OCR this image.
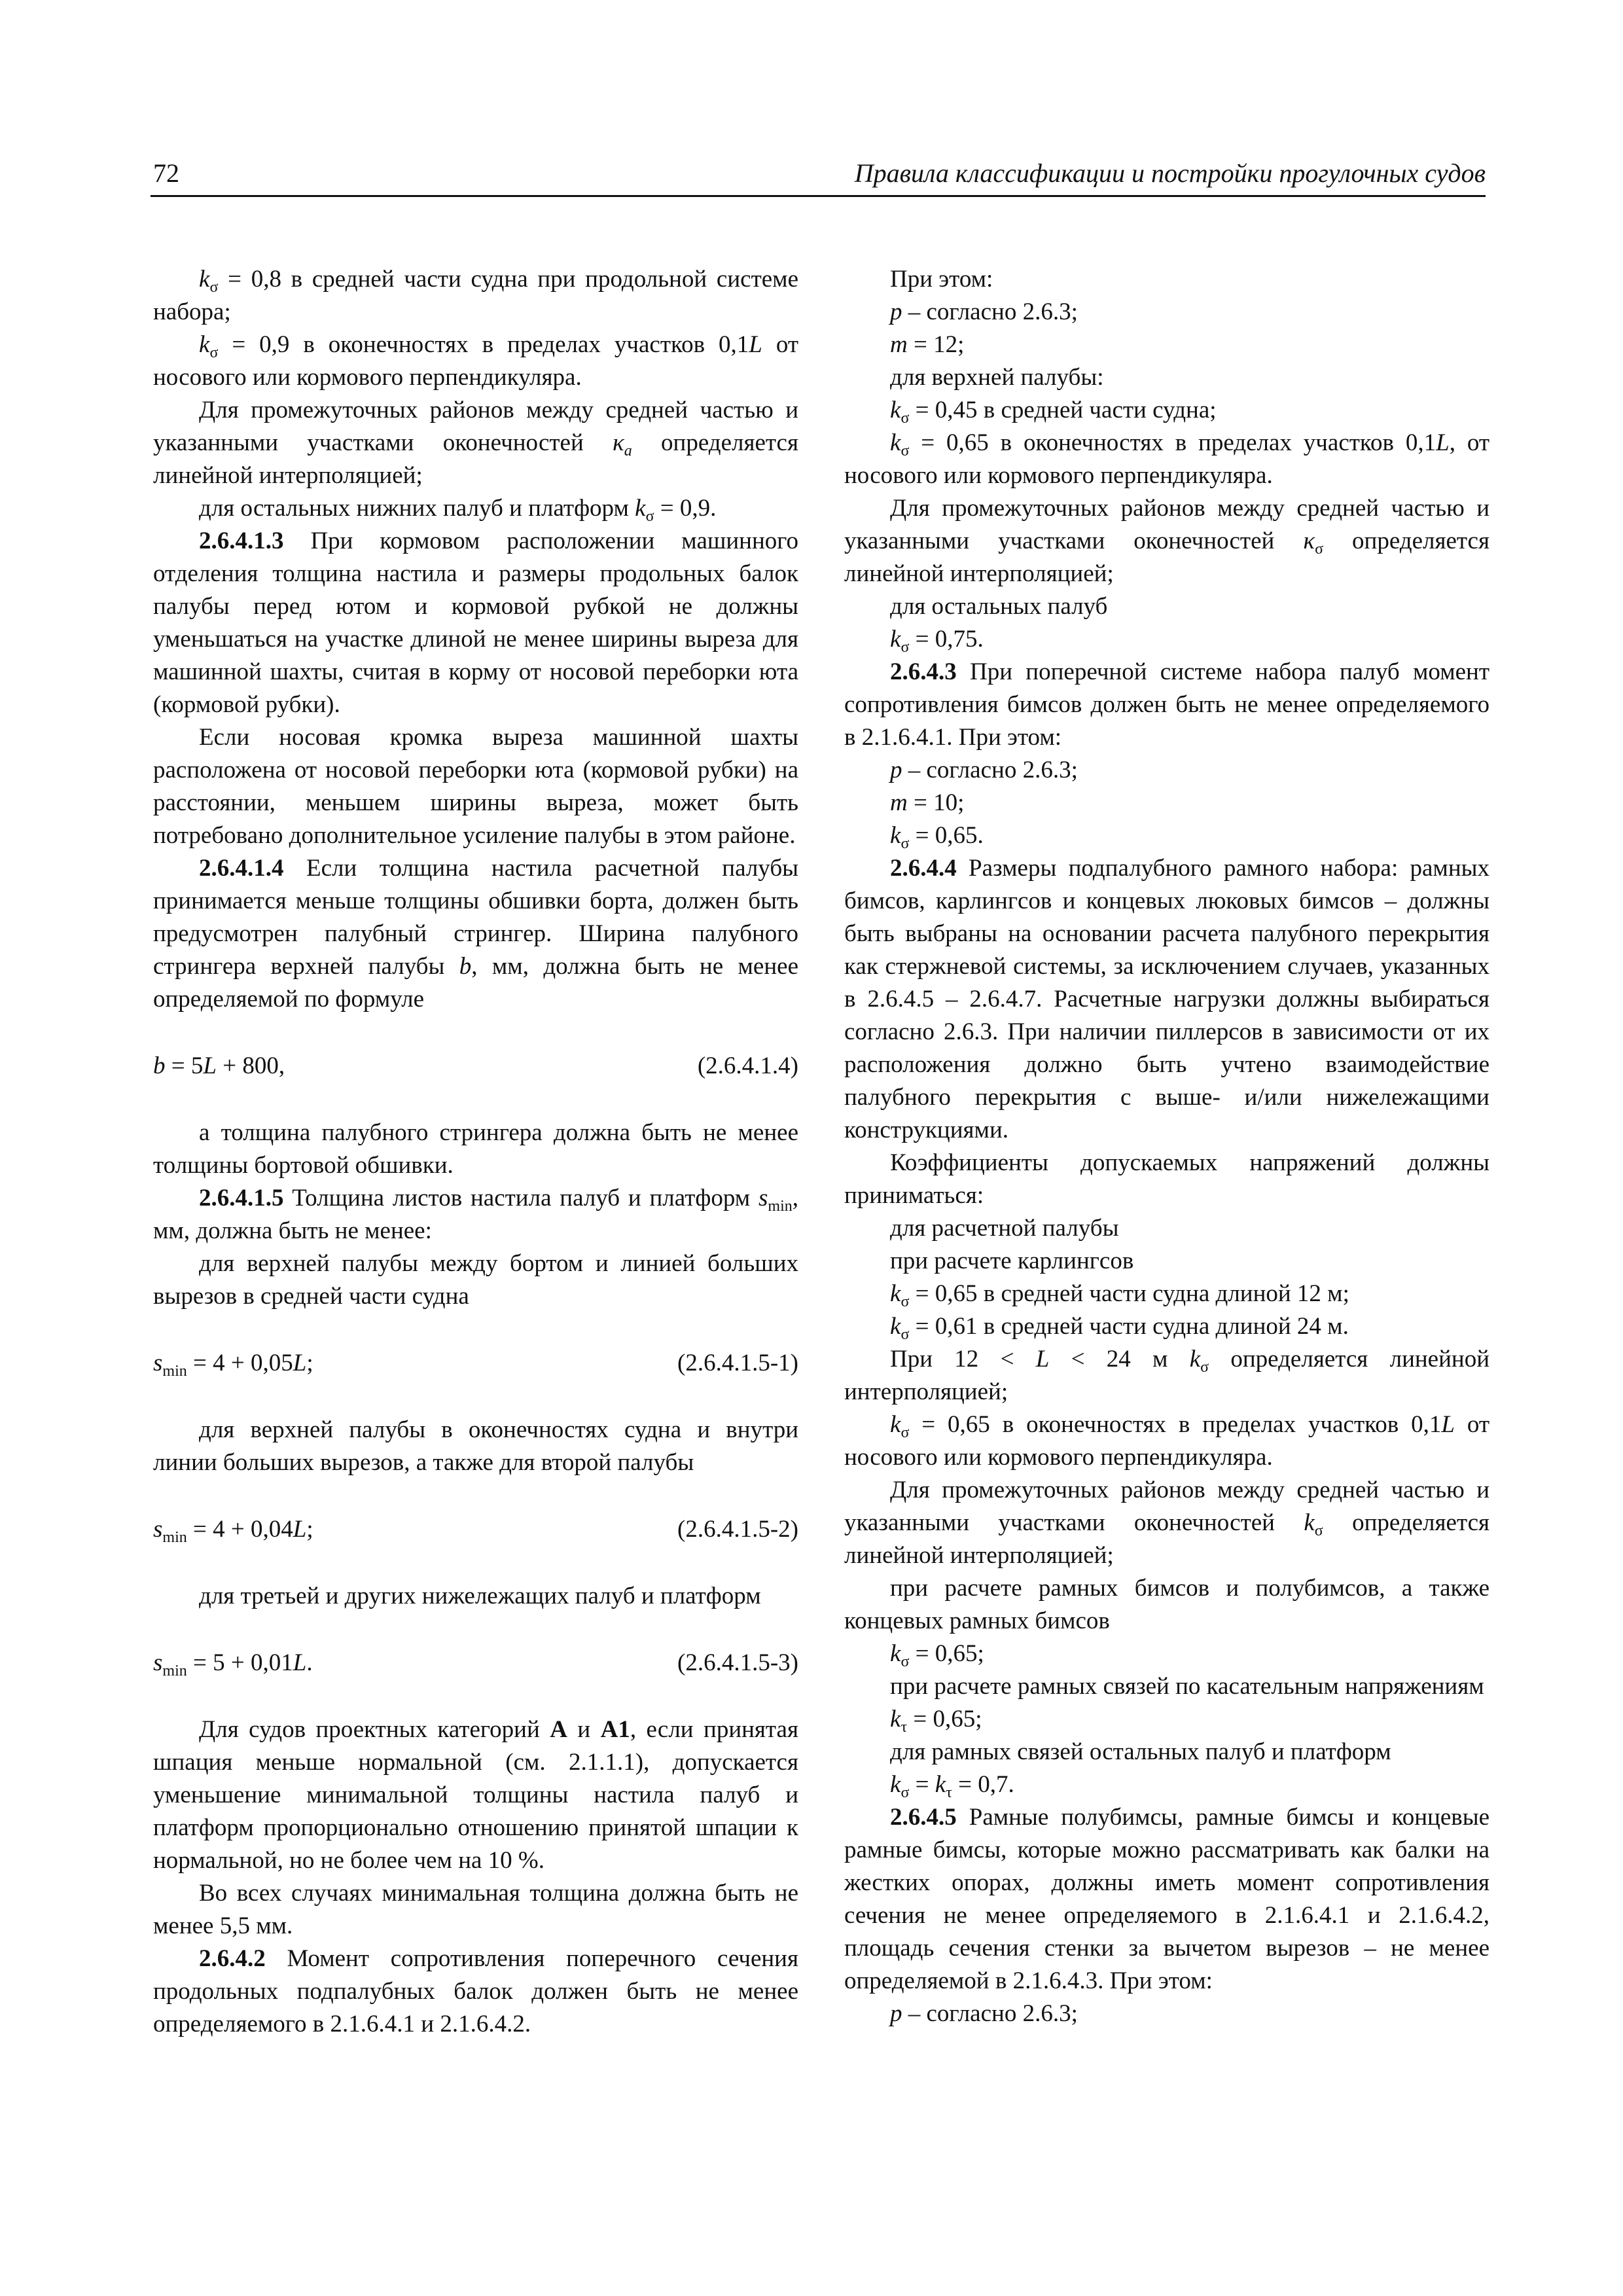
72	Правила классификации и постройки прогулочных судов

$k_\sigma = 0,8$ в средней части судна при продольной системе набора;

$k_\sigma = 0,9$ в оконечностях в пределах участков 0,1L от носового или кормового перпендикуляра.

Для промежуточных районов между средней частью и указанными участками оконечностей $\kappa_a$ определяется линейной интерполяцией;

для остальных нижних палуб и платформ $k_\sigma = 0,9$.

2.6.4.1.3 При кормовом расположении машинного отделения толщина настила и размеры продольных балок палубы перед ютом и кормовой рубкой не должны уменьшаться на участке длиной не менее ширины выреза для машинной шахты, считая в корму от носовой переборки юта (кормовой рубки).

Если носовая кромка выреза машинной шахты расположена от носовой переборки юта (кормовой рубки) на расстоянии, меньшем ширины выреза, может быть потребовано дополнительное усиление палубы в этом районе.

2.6.4.1.4 Если толщина настила расчетной палубы принимается меньше толщины обшивки борта, должен быть предусмотрен палубный стрингер. Ширина палубного стрингера верхней палубы b, мм, должна быть не менее определяемой по формуле

b = 5L + 800,	(2.6.4.1.4)

а толщина палубного стрингера должна быть не менее толщины бортовой обшивки.

2.6.4.1.5 Толщина листов настила палуб и платформ $s_{min}$, мм, должна быть не менее:

для верхней палубы между бортом и линией больших вырезов в средней части судна

$s_{min} = 4 + 0,05L$;	(2.6.4.1.5-1)

для верхней палубы в оконечностях судна и внутри линии больших вырезов, а также для второй палубы

$s_{min} = 4 + 0,04L$;	(2.6.4.1.5-2)

для третьей и других нижележащих палуб и платформ

$s_{min} = 5 + 0,01L$.	(2.6.4.1.5-3)

Для судов проектных категорий A и A1, если принятая шпация меньше нормальной (см. 2.1.1.1), допускается уменьшение минимальной толщины настила палуб и платформ пропорционально отношению принятой шпации к нормальной, но не более чем на 10 %.

Во всех случаях минимальная толщина должна быть не менее 5,5 мм.

2.6.4.2 Момент сопротивления поперечного сечения продольных подпалубных балок должен быть не менее определяемого в 2.1.6.4.1 и 2.1.6.4.2.

При этом:

p – согласно 2.6.3;

m = 12;

для верхней палубы:

$k_\sigma = 0,45$ в средней части судна;

$k_\sigma = 0,65$ в оконечностях в пределах участков 0,1L, от носового или кормового перпендикуляра.

Для промежуточных районов между средней частью и указанными участками оконечностей $\kappa_\sigma$ определяется линейной интерполяцией;

для остальных палуб

$k_\sigma = 0,75$.

2.6.4.3 При поперечной системе набора палуб момент сопротивления бимсов должен быть не менее определяемого в 2.1.6.4.1. При этом:

p – согласно 2.6.3;

m = 10;

$k_\sigma = 0,65$.

2.6.4.4 Размеры подпалубного рамного набора: рамных бимсов, карлингсов и концевых люковых бимсов – должны быть выбраны на основании расчета палубного перекрытия как стержневой системы, за исключением случаев, указанных в 2.6.4.5 – 2.6.4.7. Расчетные нагрузки должны выбираться согласно 2.6.3. При наличии пиллерсов в зависимости от их расположения должно быть учтено взаимодействие палубного перекрытия с выше- и/или нижележащими конструкциями.

Коэффициенты допускаемых напряжений должны приниматься:

для расчетной палубы

при расчете карлингсов

$k_\sigma = 0,65$ в средней части судна длиной 12 м;

$k_\sigma = 0,61$ в средней части судна длиной 24 м.

При 12 < L < 24 м $k_\sigma$ определяется линейной интерполяцией;

$k_\sigma = 0,65$ в оконечностях в пределах участков 0,1L от носового или кормового перпендикуляра.

Для промежуточных районов между средней частью и указанными участками оконечностей $k_\sigma$ определяется линейной интерполяцией;

при расчете рамных бимсов и полубимсов, а также концевых рамных бимсов

$k_\sigma = 0,65$;

при расчете рамных связей по касательным напряжениям

$k_\tau = 0,65$;

для рамных связей остальных палуб и платформ

$k_\sigma = k_\tau = 0,7$.

2.6.4.5 Рамные полубимсы, рамные бимсы и концевые рамные бимсы, которые можно рассматривать как балки на жестких опорах, должны иметь момент сопротивления сечения не менее определяемого в 2.1.6.4.1 и 2.1.6.4.2, площадь сечения стенки за вычетом вырезов – не менее определяемой в 2.1.6.4.3. При этом:

p – согласно 2.6.3;
